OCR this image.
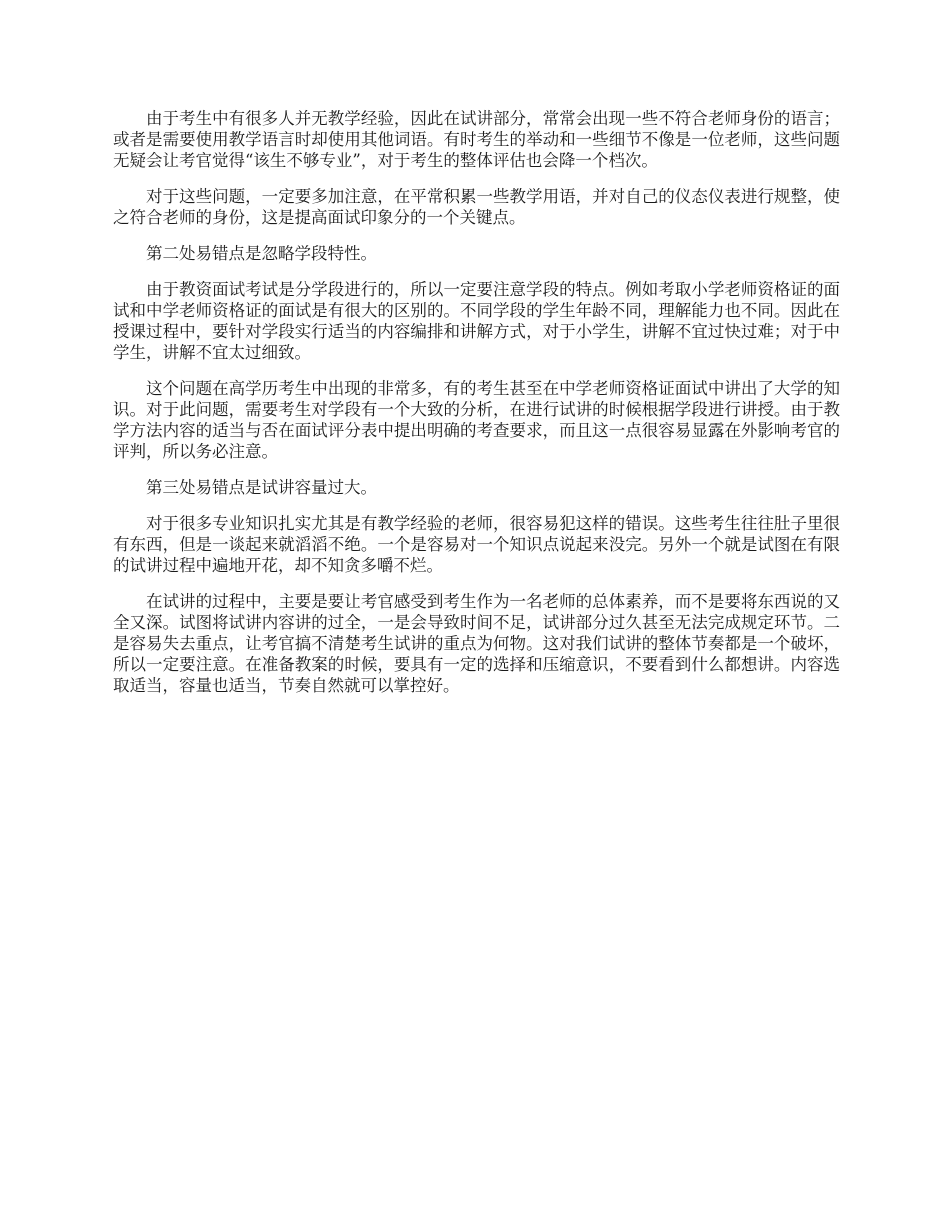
由于考生中有很多人并无教学经验，因此在试讲部分，常常会出现一些不符合老师身份的语言；或者是需要使用教学语言时却使用其他词语。有时考生的举动和一些细节不像是一位老师，这些问题无疑会让考官觉得“该生不够专业”，对于考生的整体评估也会降一个档次。

对于这些问题，一定要多加注意，在平常积累一些教学用语，并对自己的仪态仪表进行规整，使之符合老师的身份，这是提高面试印象分的一个关键点。

第二处易错点是忽略学段特性。

由于教资面试考试是分学段进行的，所以一定要注意学段的特点。例如考取小学老师资格证的面试和中学老师资格证的面试是有很大的区别的。不同学段的学生年龄不同，理解能力也不同。因此在授课过程中，要针对学段实行适当的内容编排和讲解方式，对于小学生，讲解不宜过快过难；对于中学生，讲解不宜太过细致。

这个问题在高学历考生中出现的非常多，有的考生甚至在中学老师资格证面试中讲出了大学的知识。对于此问题，需要考生对学段有一个大致的分析，在进行试讲的时候根据学段进行讲授。由于教学方法内容的适当与否在面试评分表中提出明确的考查要求，而且这一点很容易显露在外影响考官的评判，所以务必注意。

第三处易错点是试讲容量过大。

对于很多专业知识扎实尤其是有教学经验的老师，很容易犯这样的错误。这些考生往往肚子里很有东西，但是一谈起来就滔滔不绝。一个是容易对一个知识点说起来没完。另外一个就是试图在有限的试讲过程中遍地开花，却不知贪多嚼不烂。

在试讲的过程中，主要是要让考官感受到考生作为一名老师的总体素养，而不是要将东西说的又全又深。试图将试讲内容讲的过全，一是会导致时间不足，试讲部分过久甚至无法完成规定环节。二是容易失去重点，让考官搞不清楚考生试讲的重点为何物。这对我们试讲的整体节奏都是一个破坏，所以一定要注意。在准备教案的时候，要具有一定的选择和压缩意识，不要看到什么都想讲。内容选取适当，容量也适当，节奏自然就可以掌控好。
